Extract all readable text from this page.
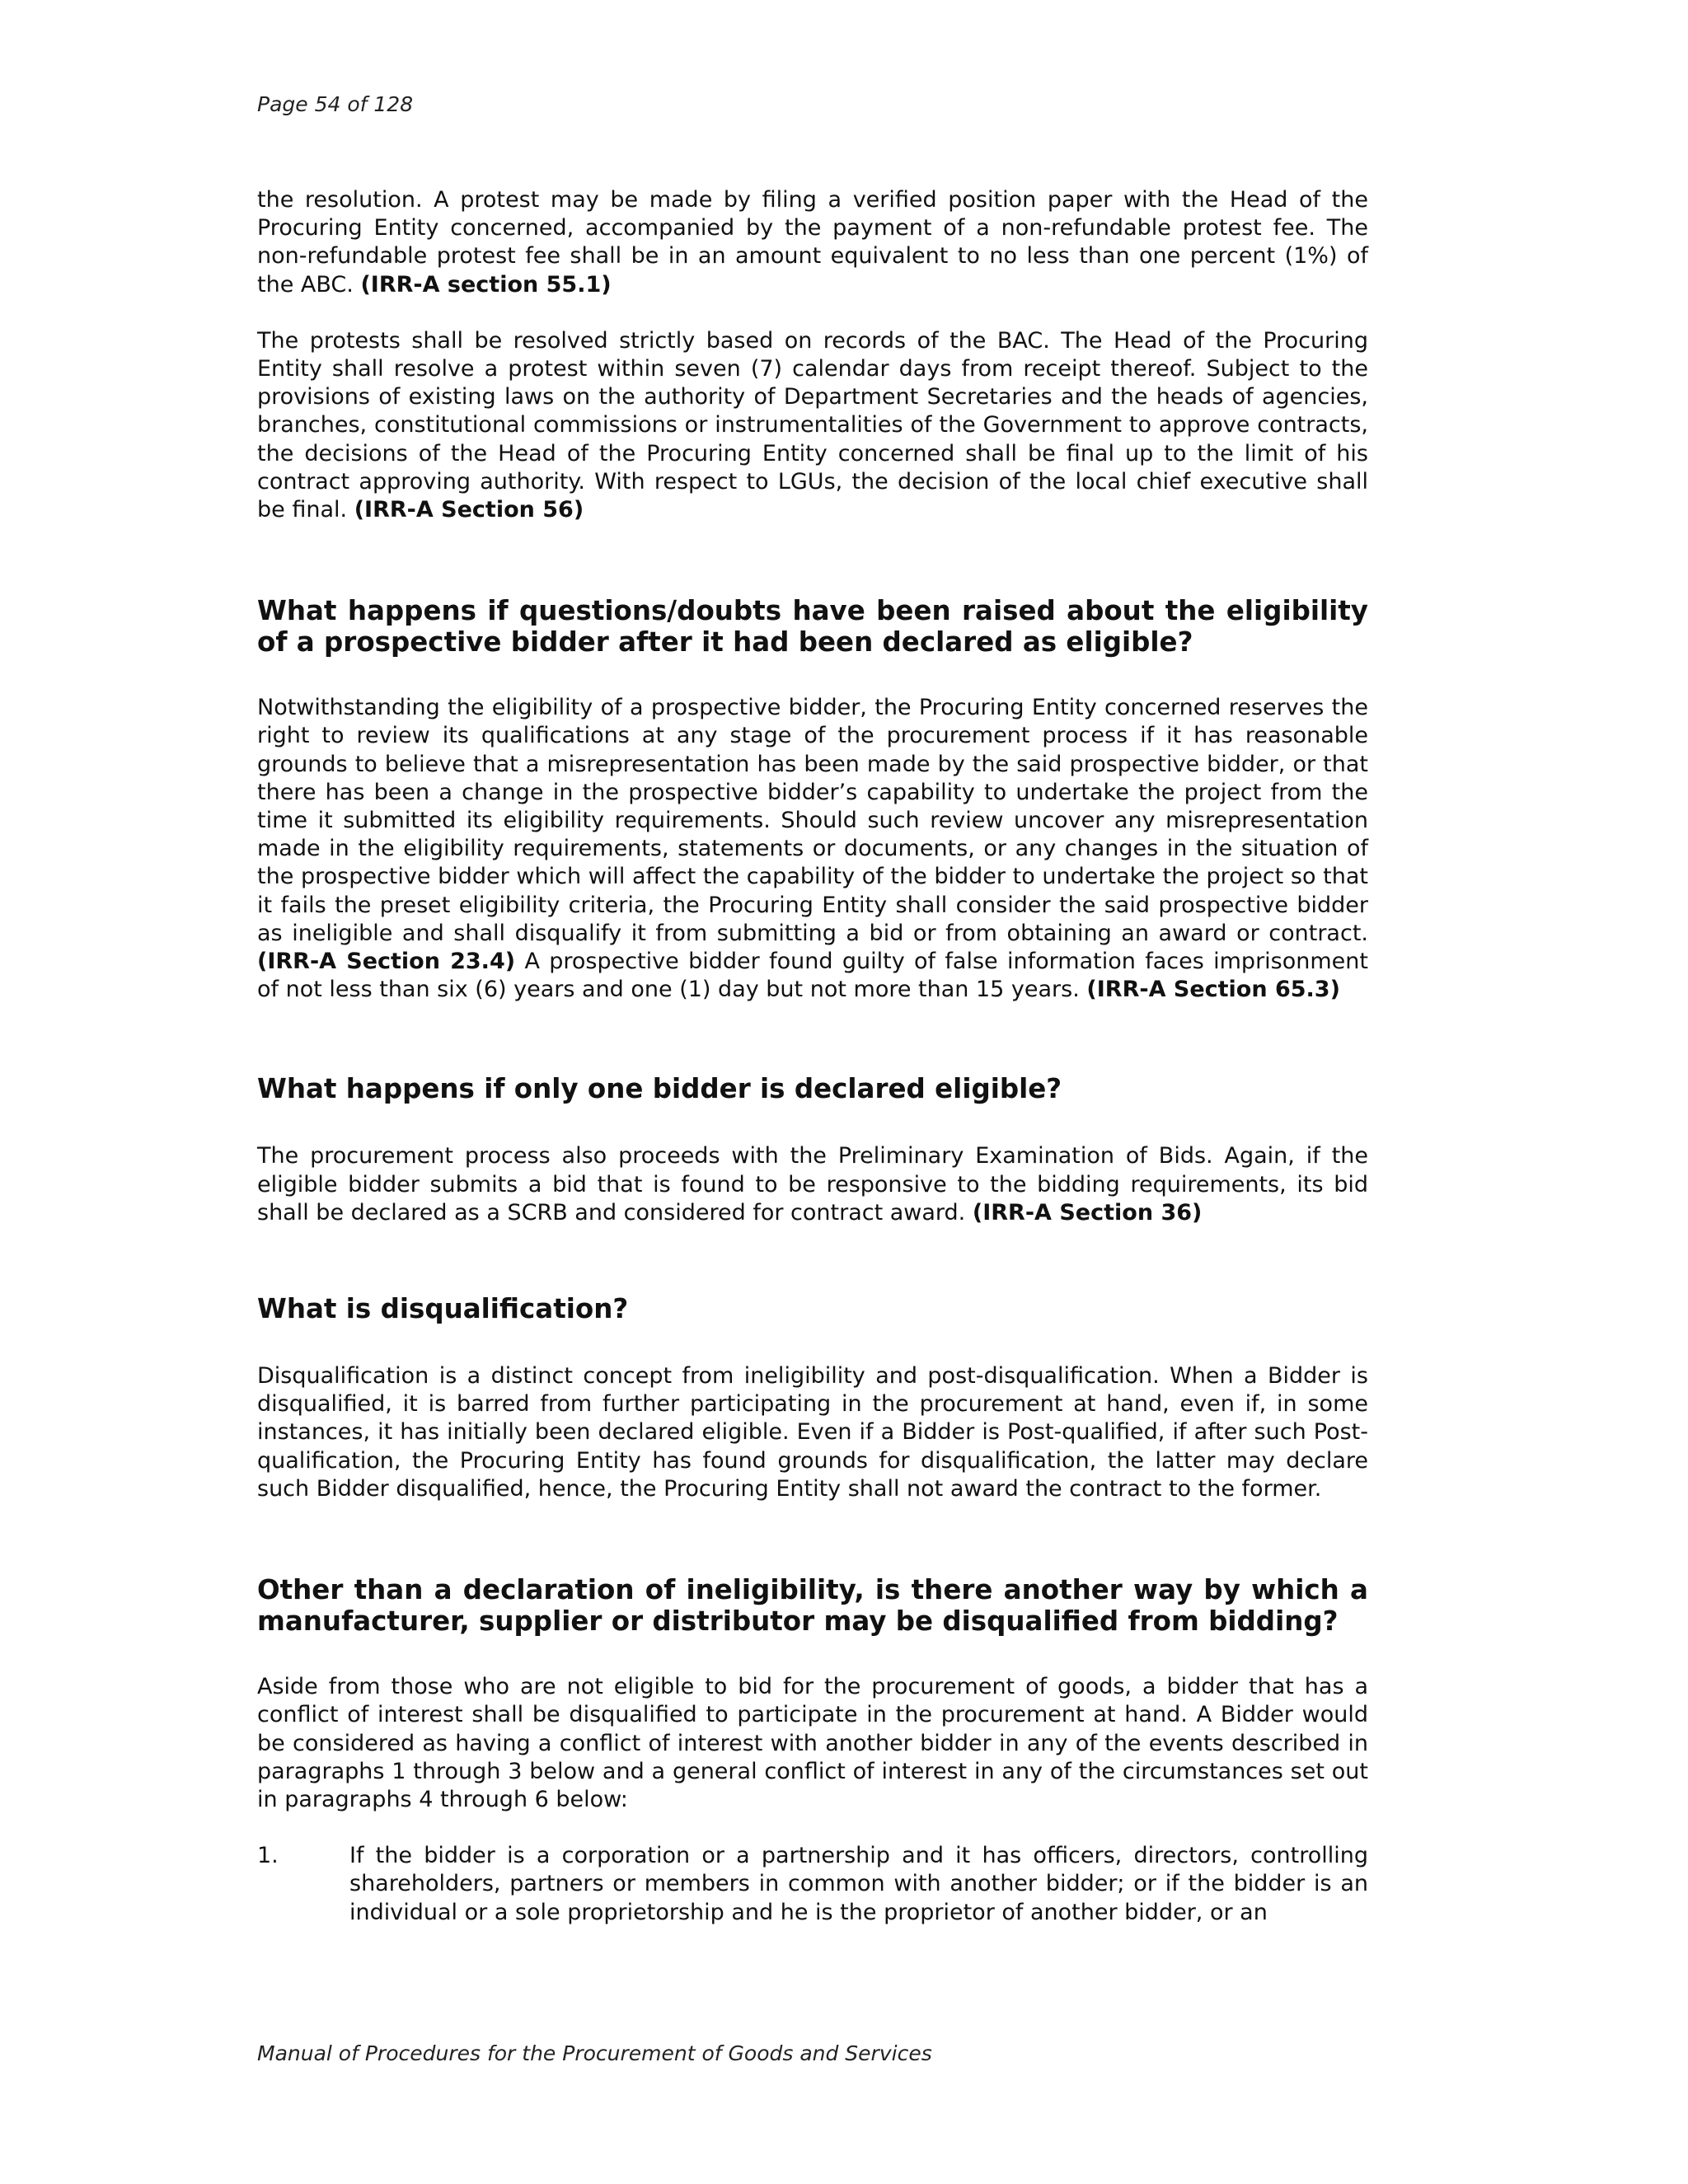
Page 54 of 128

the resolution. A protest may be made by filing a verified position paper with the Head of the Procuring Entity concerned, accompanied by the payment of a non-refundable protest fee. The non-refundable protest fee shall be in an amount equivalent to no less than one percent (1%) of the ABC. (IRR-A section 55.1)

The protests shall be resolved strictly based on records of the BAC. The Head of the Procuring Entity shall resolve a protest within seven (7) calendar days from receipt thereof. Subject to the provisions of existing laws on the authority of Department Secretaries and the heads of agencies, branches, constitutional commissions or instrumentalities of the Government to approve contracts, the decisions of the Head of the Procuring Entity concerned shall be final up to the limit of his contract approving authority. With respect to LGUs, the decision of the local chief executive shall be final. (IRR-A Section 56)

What happens if questions/doubts have been raised about the eligibility of a prospective bidder after it had been declared as eligible?

Notwithstanding the eligibility of a prospective bidder, the Procuring Entity concerned reserves the right to review its qualifications at any stage of the procurement process if it has reasonable grounds to believe that a misrepresentation has been made by the said prospective bidder, or that there has been a change in the prospective bidder’s capability to undertake the project from the time it submitted its eligibility requirements. Should such review uncover any misrepresentation made in the eligibility requirements, statements or documents, or any changes in the situation of the prospective bidder which will affect the capability of the bidder to undertake the project so that it fails the preset eligibility criteria, the Procuring Entity shall consider the said prospective bidder as ineligible and shall disqualify it from submitting a bid or from obtaining an award or contract. (IRR-A Section 23.4) A prospective bidder found guilty of false information faces imprisonment of not less than six (6) years and one (1) day but not more than 15 years. (IRR-A Section 65.3)

What happens if only one bidder is declared eligible?

The procurement process also proceeds with the Preliminary Examination of Bids. Again, if the eligible bidder submits a bid that is found to be responsive to the bidding requirements, its bid shall be declared as a SCRB and considered for contract award. (IRR-A Section 36)

What is disqualification?

Disqualification is a distinct concept from ineligibility and post-disqualification. When a Bidder is disqualified, it is barred from further participating in the procurement at hand, even if, in some instances, it has initially been declared eligible. Even if a Bidder is Post-qualified, if after such Post-qualification, the Procuring Entity has found grounds for disqualification, the latter may declare such Bidder disqualified, hence, the Procuring Entity shall not award the contract to the former.

Other than a declaration of ineligibility, is there another way by which a manufacturer, supplier or distributor may be disqualified from bidding?

Aside from those who are not eligible to bid for the procurement of goods, a bidder that has a conflict of interest shall be disqualified to participate in the procurement at hand. A Bidder would be considered as having a conflict of interest with another bidder in any of the events described in paragraphs 1 through 3 below and a general conflict of interest in any of the circumstances set out in paragraphs 4 through 6 below:

1.	If the bidder is a corporation or a partnership and it has officers, directors, controlling shareholders, partners or members in common with another bidder; or if the bidder is an individual or a sole proprietorship and he is the proprietor of another bidder, or an
Manual of Procedures for the Procurement of Goods and Services
